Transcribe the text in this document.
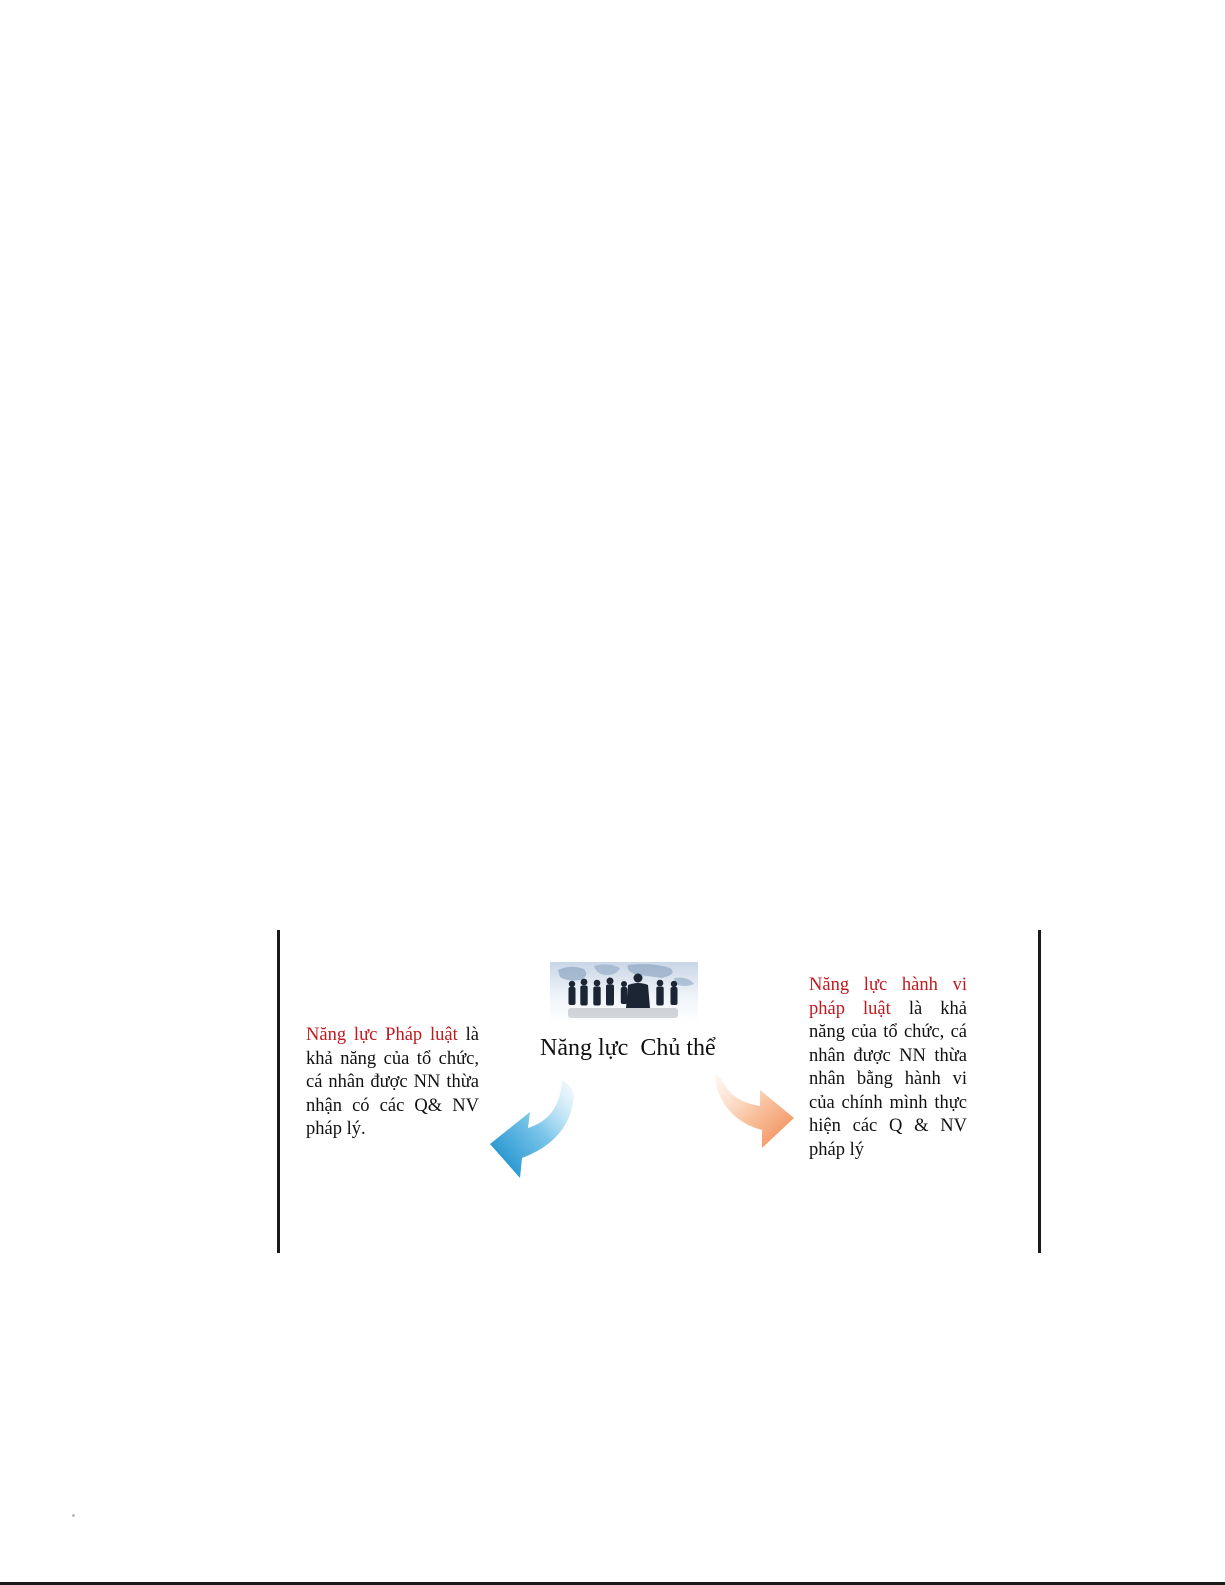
Năng lực  Chủ thể
Năng lực Pháp luật là khả năng của tổ chức, cá nhân được NN thừa nhận có các Q& NV pháp lý.
Năng lực hành vi pháp luật là khả năng của tổ chức, cá nhân được NN thừa nhân bằng hành vi của chính mình thực hiện các Q & NV pháp lý
